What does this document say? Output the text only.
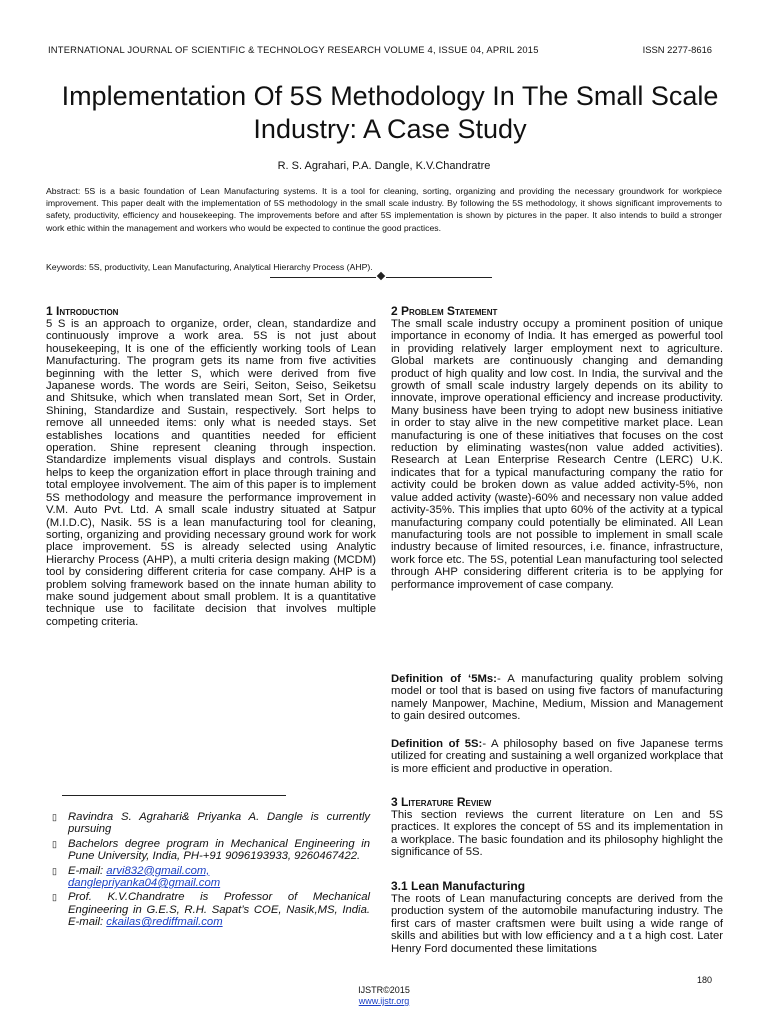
INTERNATIONAL JOURNAL OF SCIENTIFIC & TECHNOLOGY RESEARCH VOLUME 4, ISSUE 04, APRIL 2015	ISSN 2277-8616
Implementation Of 5S Methodology In The Small Scale Industry: A Case Study
R. S. Agrahari, P.A. Dangle, K.V.Chandratre
Abstract: 5S is a basic foundation of Lean Manufacturing systems. It is a tool for cleaning, sorting, organizing and providing the necessary groundwork for workpiece improvement. This paper dealt with the implementation of 5S methodology in the small scale industry. By following the 5S methodology, it shows significant improvements to safety, productivity, efficiency and housekeeping. The improvements before and after 5S implementation is shown by pictures in the paper. It also intends to build a stronger work ethic within the management and workers who would be expected to continue the good practices.
Keywords: 5S, productivity, Lean Manufacturing, Analytical Hierarchy Process (AHP).
1 Introduction

5 S is an approach to organize, order, clean, standardize and continuously improve a work area. 5S is not just about housekeeping, It is one of the efficiently working tools of Lean Manufacturing. The program gets its name from five activities beginning with the letter S, which were derived from five Japanese words. The words are Seiri, Seiton, Seiso, Seiketsu and Shitsuke, which when translated mean Sort, Set in Order, Shining, Standardize and Sustain, respectively. Sort helps to remove all unneeded items: only what is needed stays. Set establishes locations and quantities needed for efficient operation. Shine represent cleaning through inspection. Standardize implements visual displays and controls. Sustain helps to keep the organization effort in place through training and total employee involvement. The aim of this paper is to implement 5S methodology and measure the performance improvement in V.M. Auto Pvt. Ltd. A small scale industry situated at Satpur (M.I.D.C), Nasik. 5S is a lean manufacturing tool for cleaning, sorting, organizing and providing necessary ground work for work place improvement. 5S is already selected using Analytic Hierarchy Process (AHP), a multi criteria design making (MCDM) tool by considering different criteria for case company. AHP is a problem solving framework based on the innate human ability to make sound judgement about small problem. It is a quantitative technique use to facilitate decision that involves multiple competing criteria.

▯ Ravindra S. Agrahari& Priyanka A. Dangle is currently pursuing
▯ Bachelors degree program in Mechanical Engineering in Pune University, India, PH-+91 9096193933, 9260467422.
▯ E-mail: arvi832@gmail.com,
danglepriyanka04@gmail.com
▯ Prof. K.V.Chandratre is Professor of Mechanical Engineering in G.E.S, R.H. Sapat’s COE, Nasik,MS, India. E-mail: ckailas@rediffmail.com
2 Problem Statement

The small scale industry occupy a prominent position of unique importance in economy of India. It has emerged as powerful tool in providing relatively larger employment next to agriculture. Global markets are continuously changing and demanding product of high quality and low cost. In India, the survival and the growth of small scale industry largely depends on its ability to innovate, improve operational efficiency and increase productivity. Many business have been trying to adopt new business initiative in order to stay alive in the new competitive market place. Lean manufacturing is one of these initiatives that focuses on the cost reduction by eliminating wastes(non value added activities). Research at Lean Enterprise Research Centre (LERC) U.K. indicates that for a typical manufacturing company the ratio for activity could be broken down as value added activity-5%, non value added activity (waste)-60% and necessary non value added activity-35%. This implies that upto 60% of the activity at a typical manufacturing company could potentially be eliminated. All Lean manufacturing tools are not possible to implement in small scale industry because of limited resources, i.e. finance, infrastructure, work force etc. The 5S, potential Lean manufacturing tool selected through AHP considering different criteria is to be applying for performance improvement of case company.

Definition of ‘5Ms:- A manufacturing quality problem solving model or tool that is based on using five factors of manufacturing namely Manpower, Machine, Medium, Mission and Management to gain desired outcomes.

Definition of 5S:- A philosophy based on five Japanese terms utilized for creating and sustaining a well organized workplace that is more efficient and productive in operation.

3 Literature Review

This section reviews the current literature on Len and 5S practices. It explores the concept of 5S and its implementation in a workplace. The basic foundation and its philosophy highlight the significance of 5S.

3.1 Lean Manufacturing

The roots of Lean manufacturing concepts are derived from the production system of the automobile manufacturing industry. The first cars of master craftsmen were built using a wide range of skills and abilities but with low efficiency and a t a high cost. Later Henry Ford documented these limitations

180
IJSTR©2015
www.ijstr.org
